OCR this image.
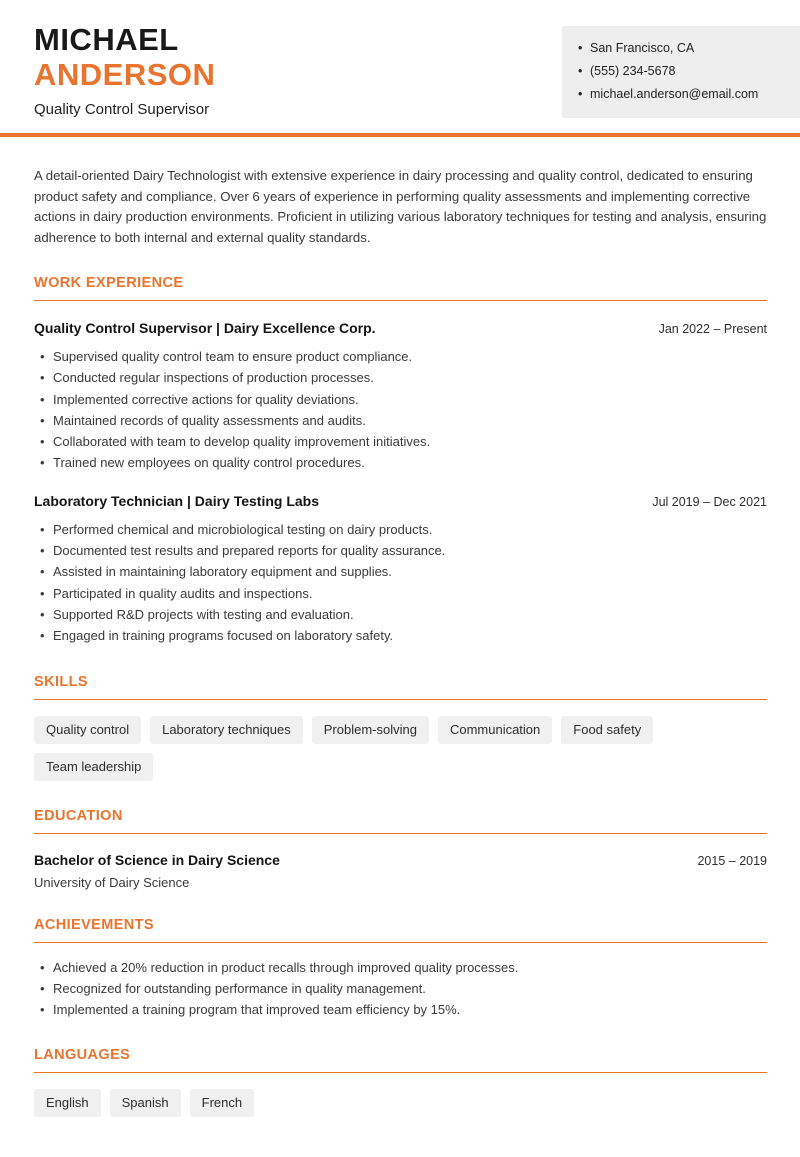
MICHAEL
ANDERSON
Quality Control Supervisor
• San Francisco, CA
• (555) 234-5678
• michael.anderson@email.com

A detail-oriented Dairy Technologist with extensive experience in dairy processing and quality control, dedicated to ensuring product safety and compliance. Over 6 years of experience in performing quality assessments and implementing corrective actions in dairy production environments. Proficient in utilizing various laboratory techniques for testing and analysis, ensuring adherence to both internal and external quality standards.

WORK EXPERIENCE
Quality Control Supervisor | Dairy Excellence Corp.	Jan 2022 – Present
• Supervised quality control team to ensure product compliance.
• Conducted regular inspections of production processes.
• Implemented corrective actions for quality deviations.
• Maintained records of quality assessments and audits.
• Collaborated with team to develop quality improvement initiatives.
• Trained new employees on quality control procedures.
Laboratory Technician | Dairy Testing Labs	Jul 2019 – Dec 2021
• Performed chemical and microbiological testing on dairy products.
• Documented test results and prepared reports for quality assurance.
• Assisted in maintaining laboratory equipment and supplies.
• Participated in quality audits and inspections.
• Supported R&D projects with testing and evaluation.
• Engaged in training programs focused on laboratory safety.
SKILLS
Quality control	Laboratory techniques	Problem-solving	Communication	Food safety
Team leadership
EDUCATION
Bachelor of Science in Dairy Science	2015 – 2019
University of Dairy Science
ACHIEVEMENTS
• Achieved a 20% reduction in product recalls through improved quality processes.
• Recognized for outstanding performance in quality management.
• Implemented a training program that improved team efficiency by 15%.
LANGUAGES
English	Spanish	French
